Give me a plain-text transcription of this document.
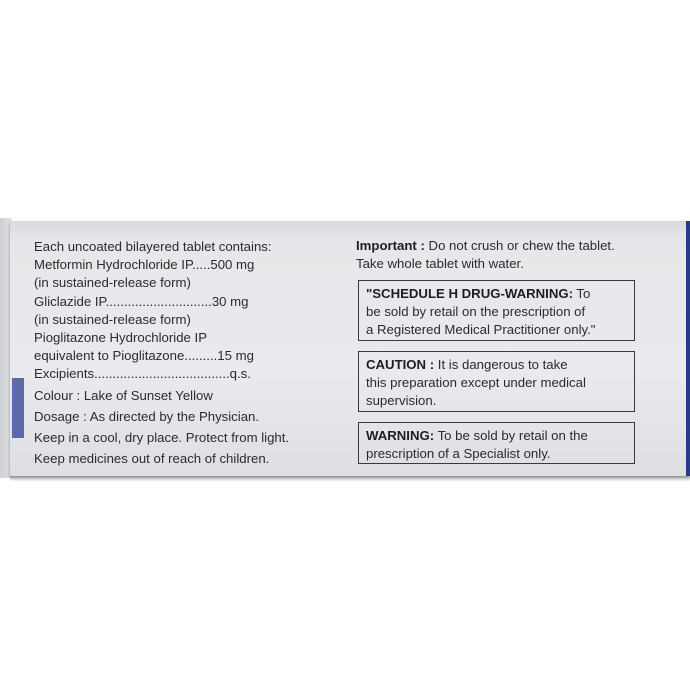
Each uncoated bilayered tablet contains:
Metformin Hydrochloride IP.....500 mg
(in sustained-release form)
Gliclazide IP.............................30 mg
(in sustained-release form)
Pioglitazone Hydrochloride IP
equivalent to Pioglitazone.........15 mg
Excipients.....................................q.s.
Colour : Lake of Sunset Yellow
Dosage : As directed by the Physician.
Keep in a cool, dry place. Protect from light.
Keep medicines out of reach of children.
Important : Do not crush or chew the tablet.
Take whole tablet with water.
"SCHEDULE H DRUG-WARNING: To
be sold by retail on the prescription of
a Registered Medical Practitioner only."
CAUTION : It is dangerous to take
this preparation except under medical
supervision.
WARNING: To be sold by retail on the
prescription of a Specialist only.
